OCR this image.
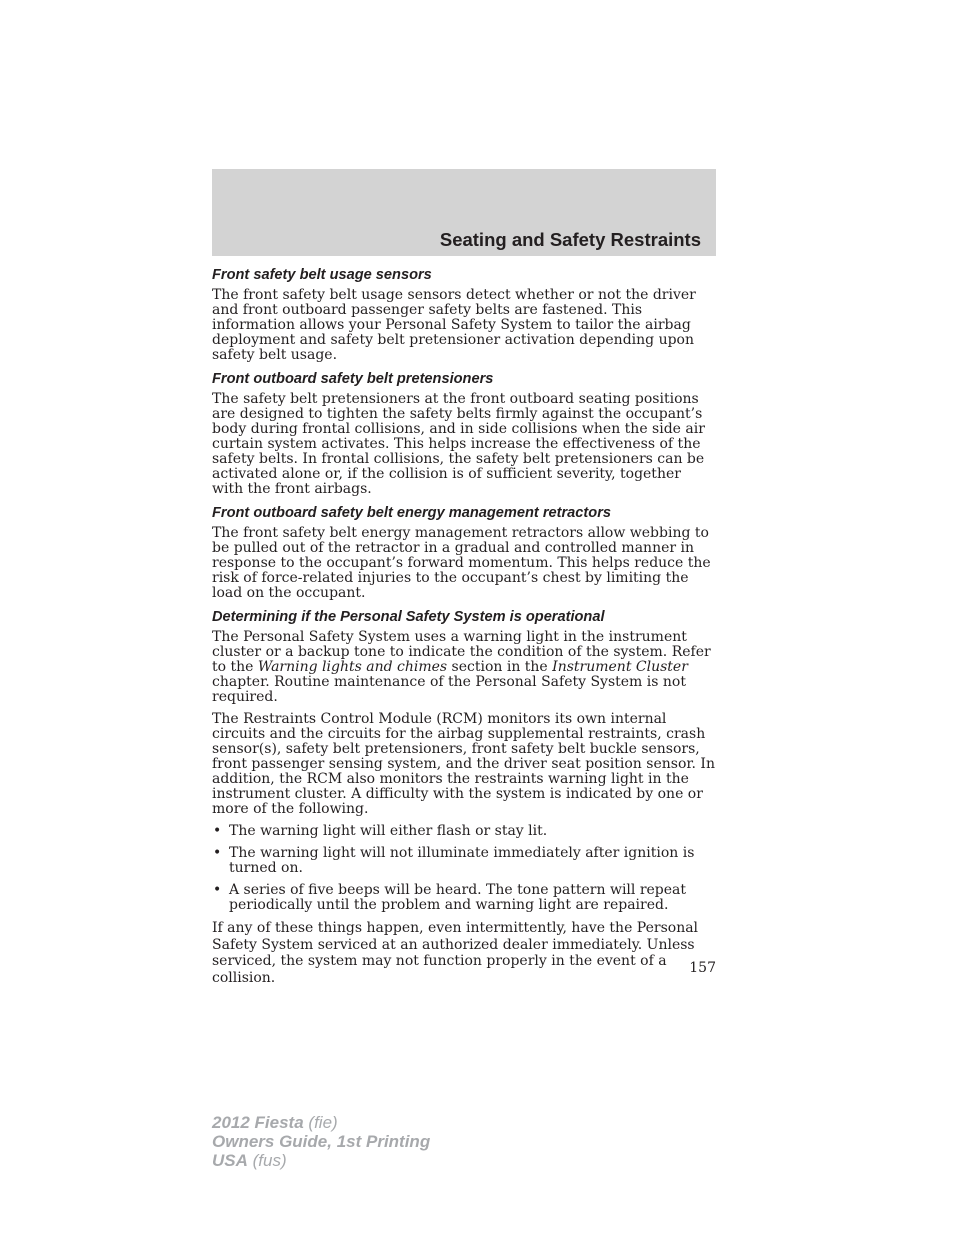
Seating and Safety Restraints
Front safety belt usage sensors

The front safety belt usage sensors detect whether or not the driver and front outboard passenger safety belts are fastened. This information allows your Personal Safety System to tailor the airbag deployment and safety belt pretensioner activation depending upon safety belt usage.

Front outboard safety belt pretensioners

The safety belt pretensioners at the front outboard seating positions are designed to tighten the safety belts firmly against the occupant’s body during frontal collisions, and in side collisions when the side air curtain system activates. This helps increase the effectiveness of the safety belts. In frontal collisions, the safety belt pretensioners can be activated alone or, if the collision is of sufficient severity, together with the front airbags.

Front outboard safety belt energy management retractors

The front safety belt energy management retractors allow webbing to be pulled out of the retractor in a gradual and controlled manner in response to the occupant’s forward momentum. This helps reduce the risk of force-related injuries to the occupant’s chest by limiting the load on the occupant.

Determining if the Personal Safety System is operational

The Personal Safety System uses a warning light in the instrument cluster or a backup tone to indicate the condition of the system. Refer to the Warning lights and chimes section in the Instrument Cluster chapter. Routine maintenance of the Personal Safety System is not required.

The Restraints Control Module (RCM) monitors its own internal circuits and the circuits for the airbag supplemental restraints, crash sensor(s), safety belt pretensioners, front safety belt buckle sensors, front passenger sensing system, and the driver seat position sensor. In addition, the RCM also monitors the restraints warning light in the instrument cluster. A difficulty with the system is indicated by one or more of the following.

• The warning light will either flash or stay lit.
• The warning light will not illuminate immediately after ignition is turned on.
• A series of five beeps will be heard. The tone pattern will repeat periodically until the problem and warning light are repaired.

If any of these things happen, even intermittently, have the Personal Safety System serviced at an authorized dealer immediately. Unless serviced, the system may not function properly in the event of a collision.

157
2012 Fiesta (fie)
Owners Guide, 1st Printing
USA (fus)
